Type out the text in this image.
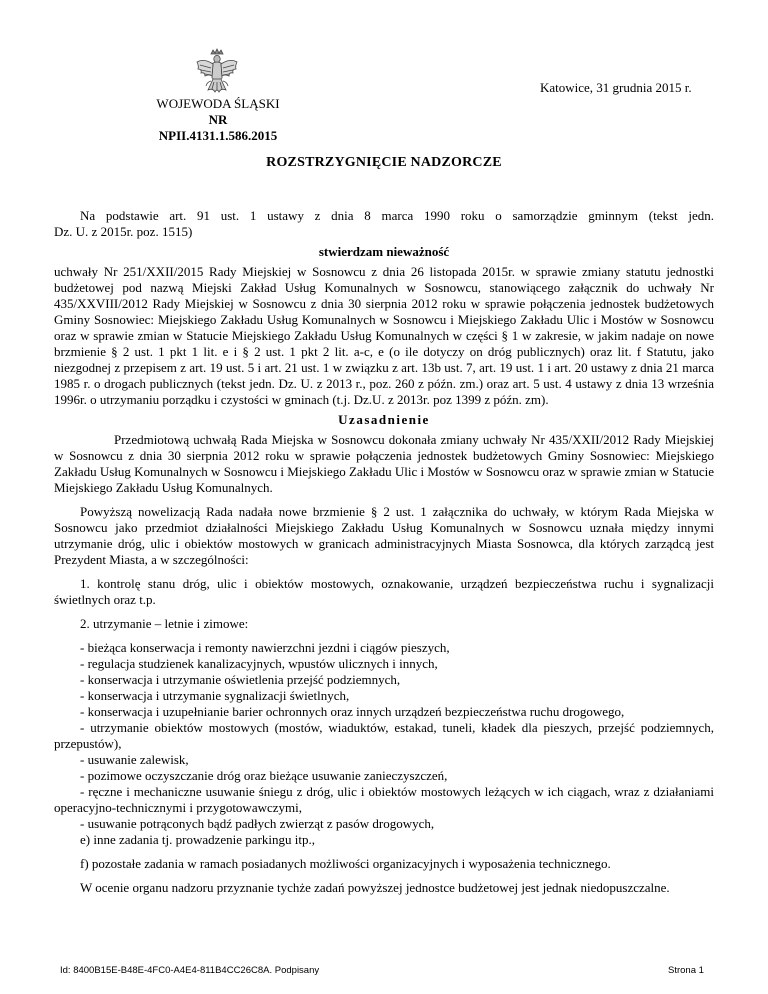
WOJEWODA ŚLĄSKI
NR NPII.4131.1.586.2015
Katowice, 31 grudnia 2015 r.
ROZSTRZYGNIĘCIE NADZORCZE

Na podstawie art. 91 ust. 1 ustawy z dnia 8 marca 1990 roku o samorządzie gminnym (tekst jedn.

Dz. U. z 2015r. poz. 1515)

stwierdzam nieważność

uchwały Nr 251/XXII/2015 Rady Miejskiej w Sosnowcu z dnia 26 listopada 2015r. w sprawie zmiany statutu jednostki budżetowej pod nazwą Miejski Zakład Usług Komunalnych w Sosnowcu, stanowiącego załącznik do uchwały Nr 435/XXVIII/2012 Rady Miejskiej w Sosnowcu z dnia 30 sierpnia 2012 roku w sprawie połączenia jednostek budżetowych Gminy Sosnowiec: Miejskiego Zakładu Usług Komunalnych w Sosnowcu i Miejskiego Zakładu Ulic i Mostów w Sosnowcu oraz w sprawie zmian w Statucie Miejskiego Zakładu Usług Komunalnych w części § 1 w zakresie, w jakim nadaje on nowe brzmienie § 2 ust. 1 pkt 1 lit. e i § 2 ust. 1 pkt 2 lit. a-c, e (o ile dotyczy on dróg publicznych) oraz lit. f Statutu, jako niezgodnej z przepisem z art. 19 ust. 5 i art. 21 ust. 1 w związku z art. 13b ust. 7, art. 19 ust. 1 i art. 20 ustawy z dnia 21 marca 1985 r. o drogach publicznych (tekst jedn. Dz. U. z 2013 r., poz. 260 z późn. zm.) oraz art. 5 ust. 4 ustawy z dnia 13 września 1996r. o utrzymaniu porządku i czystości w gminach (t.j. Dz.U. z 2013r. poz 1399 z późn. zm).

Uzasadnienie

Przedmiotową uchwałą Rada Miejska w Sosnowcu dokonała zmiany uchwały Nr 435/XXII/2012 Rady Miejskiej w Sosnowcu z dnia 30 sierpnia 2012 roku w sprawie połączenia jednostek budżetowych Gminy Sosnowiec: Miejskiego Zakładu Usług Komunalnych w Sosnowcu i Miejskiego Zakładu Ulic i Mostów w Sosnowcu oraz w sprawie zmian w Statucie Miejskiego Zakładu Usług Komunalnych.

Powyższą nowelizacją Rada nadała nowe brzmienie § 2 ust. 1 załącznika do uchwały, w którym Rada Miejska w Sosnowcu jako przedmiot działalności Miejskiego Zakładu Usług Komunalnych w Sosnowcu uznała między innymi utrzymanie dróg, ulic i obiektów mostowych w granicach administracyjnych Miasta Sosnowca, dla których zarządcą jest Prezydent Miasta, a w szczególności:

1. kontrolę stanu dróg, ulic i obiektów mostowych, oznakowanie, urządzeń bezpieczeństwa ruchu i sygnalizacji świetlnych oraz t.p.

2. utrzymanie – letnie i zimowe:

- bieżąca konserwacja i remonty nawierzchni jezdni i ciągów pieszych,

- regulacja studzienek kanalizacyjnych, wpustów ulicznych i innych,

- konserwacja i utrzymanie oświetlenia przejść podziemnych,

- konserwacja i utrzymanie sygnalizacji świetlnych,

- konserwacja i uzupełnianie barier ochronnych oraz innych urządzeń bezpieczeństwa ruchu drogowego,

- utrzymanie obiektów mostowych (mostów, wiaduktów, estakad, tuneli, kładek dla pieszych, przejść podziemnych, przepustów),

- usuwanie zalewisk,

- pozimowe oczyszczanie dróg oraz bieżące usuwanie zanieczyszczeń,

- ręczne i mechaniczne usuwanie śniegu z dróg, ulic i obiektów mostowych leżących w ich ciągach, wraz z działaniami operacyjno-technicznymi i przygotowawczymi,

- usuwanie potrąconych bądź padłych zwierząt z pasów drogowych,

e) inne zadania tj. prowadzenie parkingu itp.,

f) pozostałe zadania w ramach posiadanych możliwości organizacyjnych i wyposażenia technicznego.

W ocenie organu nadzoru przyznanie tychże zadań powyższej jednostce budżetowej jest jednak niedopuszczalne.

Id: 8400B15E-B48E-4FC0-A4E4-811B4CC26C8A. Podpisany	Strona 1
